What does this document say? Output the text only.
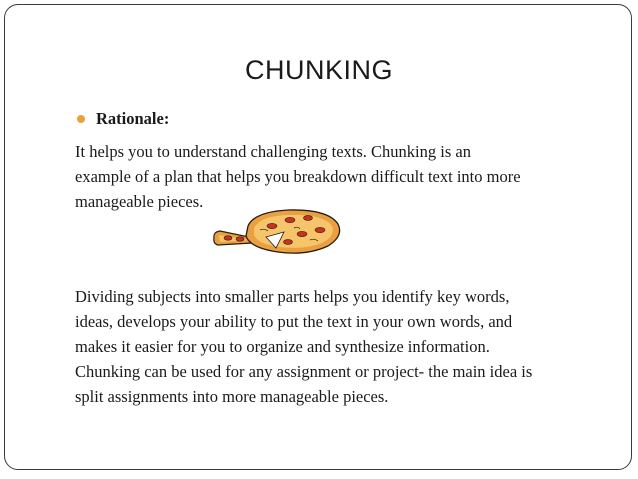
CHUNKING
Rationale:
It helps you to understand challenging texts. Chunking is an
example of a plan that helps you breakdown difficult text into more
manageable pieces.
Dividing subjects into smaller parts helps you identify key words,
ideas, develops your ability to put the text in your own words, and
makes it easier for you to organize and synthesize information.
Chunking can be used for any assignment or project- the main idea is
split assignments into more manageable pieces.
